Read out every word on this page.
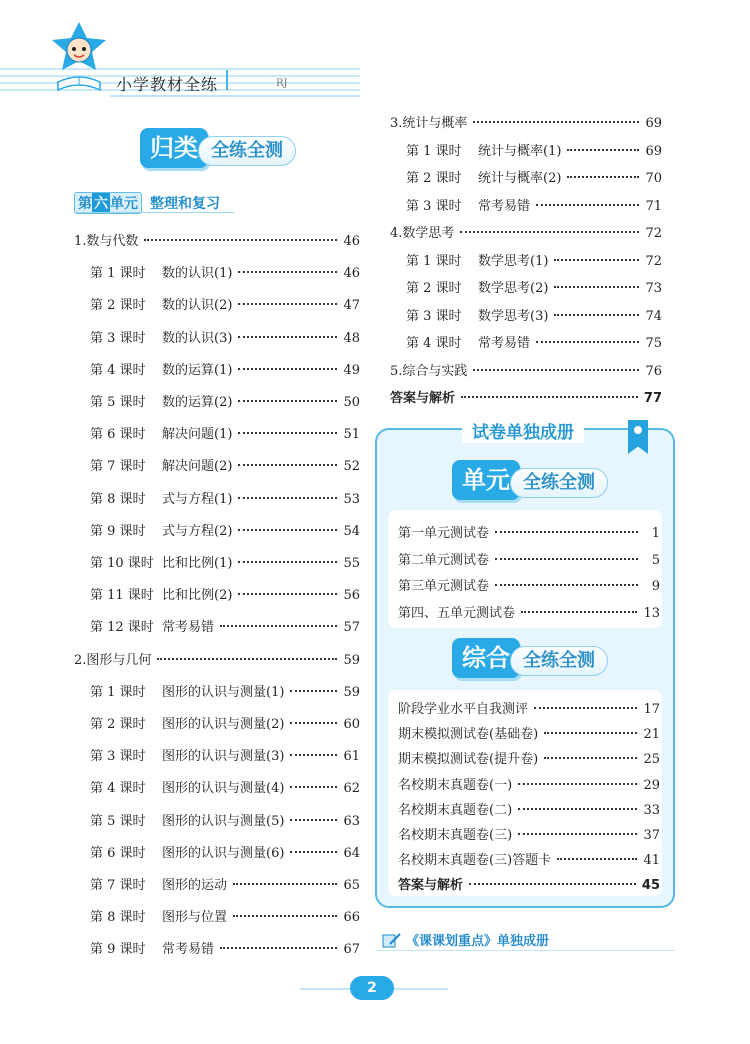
小学教材全练	RJ
归类 全练全测
第 六 单元 整理和复习
1.数与代数	46
第 1 课时 数的认识(1)	46
第 2 课时 数的认识(2)	47
第 3 课时 数的认识(3)	48
第 4 课时 数的运算(1)	49
第 5 课时 数的运算(2)	50
第 6 课时 解决问题(1)	51
第 7 课时 解决问题(2)	52
第 8 课时 式与方程(1)	53
第 9 课时 式与方程(2)	54
第 10 课时 比和比例(1)	55
第 11 课时 比和比例(2)	56
第 12 课时 常考易错	57
2.图形与几何	59
第 1 课时 图形的认识与测量(1)	59
第 2 课时 图形的认识与测量(2)	60
第 3 课时 图形的认识与测量(3)	61
第 4 课时 图形的认识与测量(4)	62
第 5 课时 图形的认识与测量(5)	63
第 6 课时 图形的认识与测量(6)	64
第 7 课时 图形的运动	65
第 8 课时 图形与位置	66
第 9 课时 常考易错	67
3.统计与概率	69
第 1 课时 统计与概率(1)	69
第 2 课时 统计与概率(2)	70
第 3 课时 常考易错	71
4.数学思考	72
第 1 课时 数学思考(1)	72
第 2 课时 数学思考(2)	73
第 3 课时 数学思考(3)	74
第 4 课时 常考易错	75
5.综合与实践	76
答案与解析	77
试卷单独成册
单元 全练全测
综合 全练全测
第一单元测试卷	1
第二单元测试卷	5
第三单元测试卷	9
第四、五单元测试卷	13
阶段学业水平自我测评	17
期末模拟测试卷(基础卷)	21
期末模拟测试卷(提升卷)	25
名校期末真题卷(一)	29
名校期末真题卷(二)	33
名校期末真题卷(三)	37
名校期末真题卷(三)答题卡	41
答案与解析	45
《课课划重点》单独成册
2
